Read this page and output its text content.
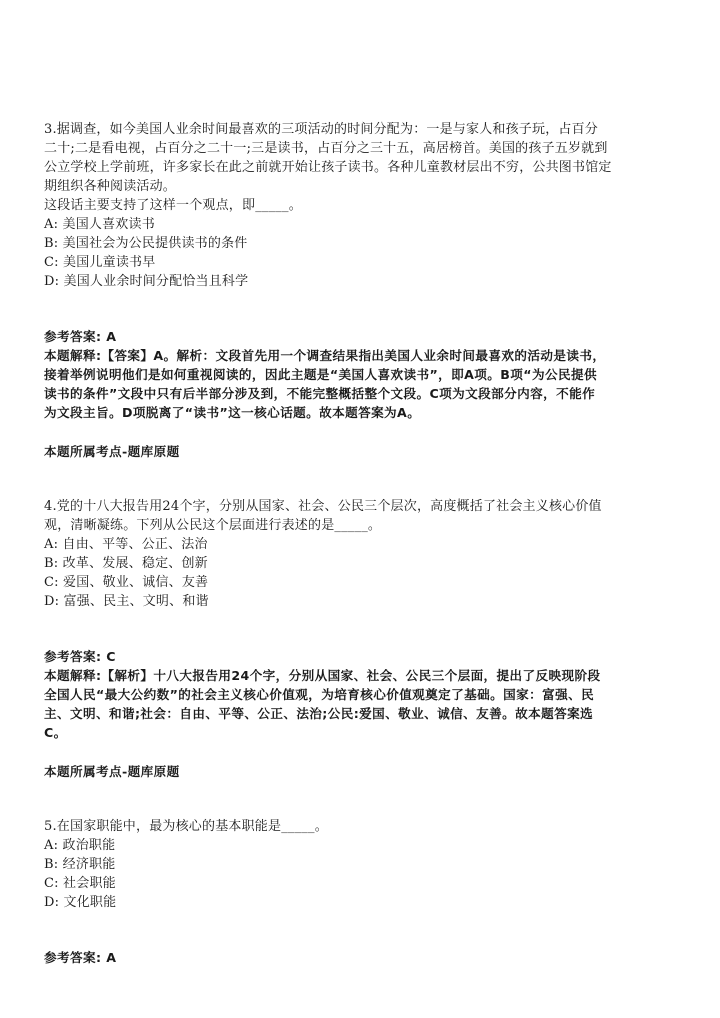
3.据调查，如今美国人业余时间最喜欢的三项活动的时间分配为：一是与家人和孩子玩，占百分
二十;二是看电视，占百分之二十一;三是读书，占百分之三十五，高居榜首。美国的孩子五岁就到
公立学校上学前班，许多家长在此之前就开始让孩子读书。各种儿童教材层出不穷，公共图书馆定
期组织各种阅读活动。
这段话主要支持了这样一个观点，即_____。
A: 美国人喜欢读书
B: 美国社会为公民提供读书的条件
C: 美国儿童读书早
D: 美国人业余时间分配恰当且科学
参考答案: A
本题解释:【答案】A。解析：文段首先用一个调查结果指出美国人业余时间最喜欢的活动是读书，
接着举例说明他们是如何重视阅读的，因此主题是“美国人喜欢读书”，即A项。B项“为公民提供
读书的条件”文段中只有后半部分涉及到，不能完整概括整个文段。C项为文段部分内容，不能作
为文段主旨。D项脱离了“读书”这一核心话题。故本题答案为A。
本题所属考点-题库原题
4.党的十八大报告用24个字，分别从国家、社会、公民三个层次，高度概括了社会主义核心价值
观，清晰凝练。下列从公民这个层面进行表述的是_____。
A: 自由、平等、公正、法治
B: 改革、发展、稳定、创新
C: 爱国、敬业、诚信、友善
D: 富强、民主、文明、和谐
参考答案: C
本题解释:【解析】十八大报告用24个字，分别从国家、社会、公民三个层面，提出了反映现阶段
全国人民“最大公约数”的社会主义核心价值观，为培育核心价值观奠定了基础。国家：富强、民
主、文明、和谐;社会：自由、平等、公正、法治;公民:爱国、敬业、诚信、友善。故本题答案选
C。
本题所属考点-题库原题
5.在国家职能中，最为核心的基本职能是_____。
A: 政治职能
B: 经济职能
C: 社会职能
D: 文化职能
参考答案: A
